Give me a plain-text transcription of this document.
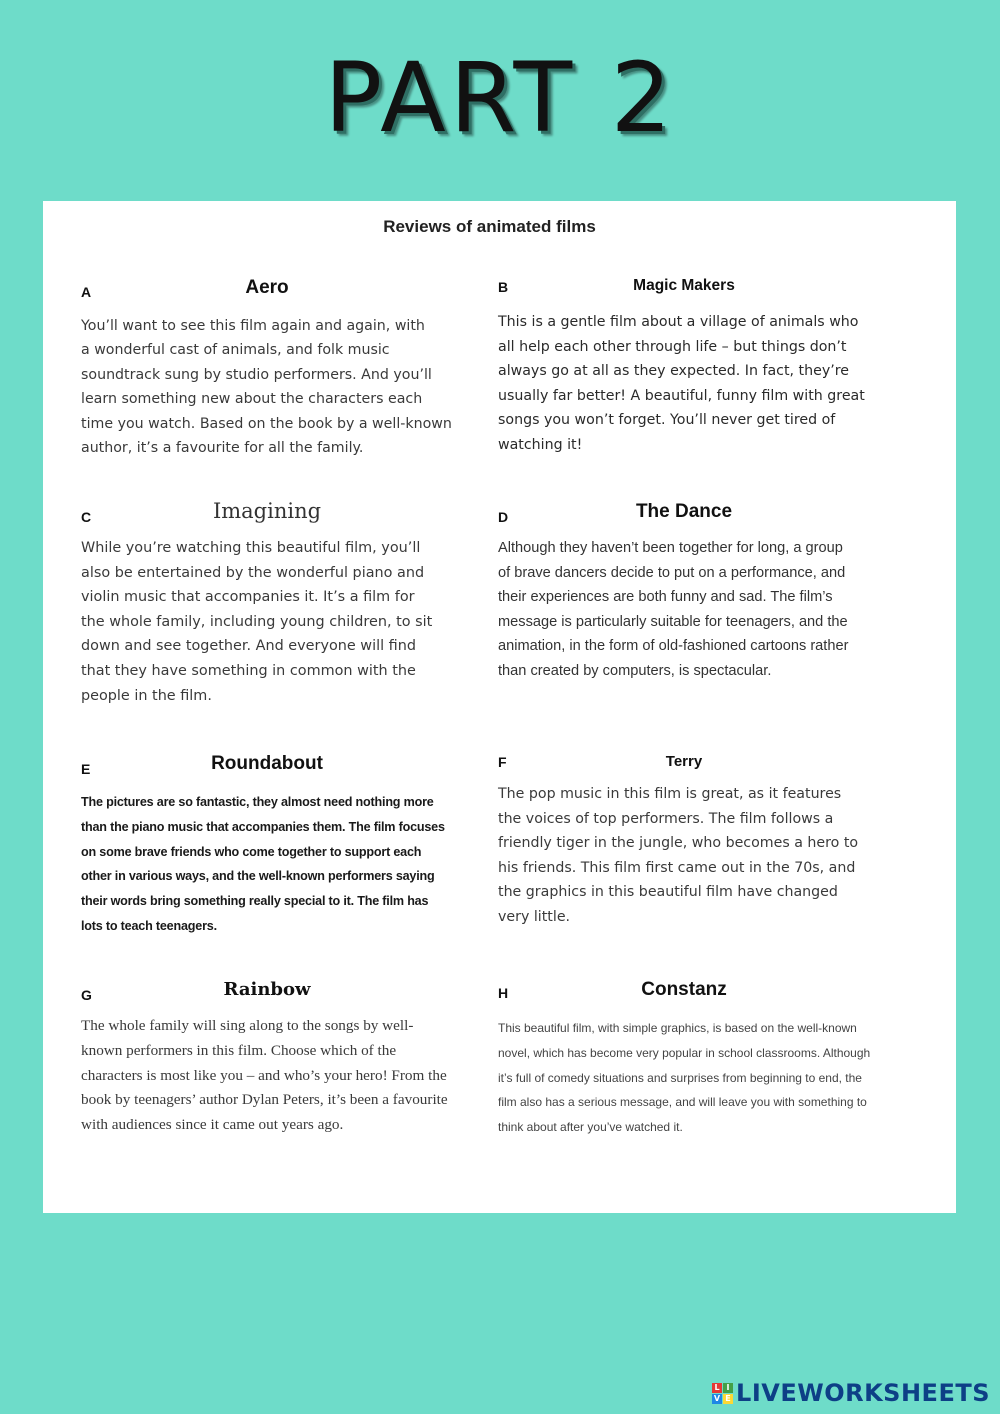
PART 2
Reviews of animated films
A	Aero

You’ll want to see this film again and again, with
a wonderful cast of animals, and folk music
soundtrack sung by studio performers. And you’ll
learn something new about the characters each
time you watch. Based on the book by a well-known
author, it’s a favourite for all the family.

B	Magic Makers

This is a gentle film about a village of animals who
all help each other through life – but things don’t
always go at all as they expected. In fact, they’re
usually far better! A beautiful, funny film with great
songs you won’t forget. You’ll never get tired of
watching it!

C	Imagining

While you’re watching this beautiful film, you’ll
also be entertained by the wonderful piano and
violin music that accompanies it. It’s a film for
the whole family, including young children, to sit
down and see together. And everyone will find
that they have something in common with the
people in the film.

D	The Dance

Although they haven’t been together for long, a group
of brave dancers decide to put on a performance, and
their experiences are both funny and sad. The film’s
message is particularly suitable for teenagers, and the
animation, in the form of old-fashioned cartoons rather
than created by computers, is spectacular.

E	Roundabout

The pictures are so fantastic, they almost need nothing more
than the piano music that accompanies them. The film focuses
on some brave friends who come together to support each
other in various ways, and the well-known performers saying
their words bring something really special to it. The film has
lots to teach teenagers.

F	Terry

The pop music in this film is great, as it features
the voices of top performers. The film follows a
friendly tiger in the jungle, who becomes a hero to
his friends. This film first came out in the 70s, and
the graphics in this beautiful film have changed
very little.

G	Rainbow

The whole family will sing along to the songs by well-
known performers in this film. Choose which of the
characters is most like you – and who’s your hero! From the
book by teenagers’ author Dylan Peters, it’s been a favourite
with audiences since it came out years ago.

H	Constanz

This beautiful film, with simple graphics, is based on the well-known
novel, which has become very popular in school classrooms. Although
it’s full of comedy situations and surprises from beginning to end, the
film also has a serious message, and will leave you with something to
think about after you’ve watched it.

L I
V E LIVEWORKSHEETS
